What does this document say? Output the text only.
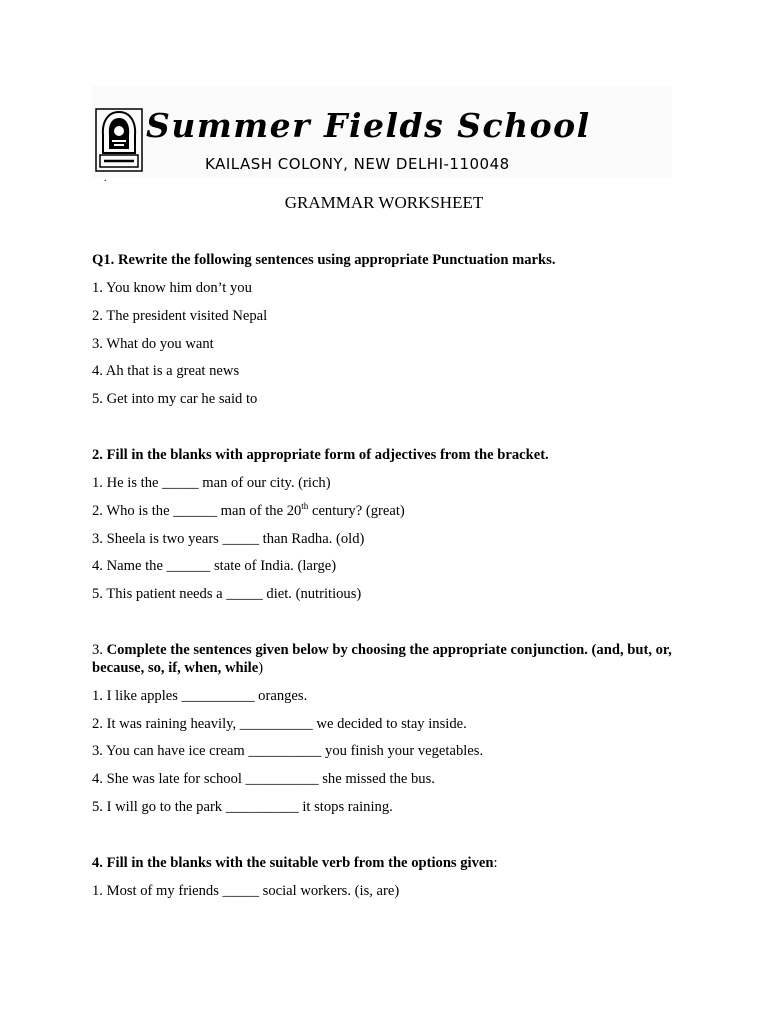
Summer Fields School
KAILASH COLONY, NEW DELHI-110048
.
GRAMMAR WORKSHEET
Q1. Rewrite the following sentences using appropriate Punctuation marks.
1. You know him don’t you
2. The president visited Nepal
3. What do you want
4. Ah that is a great news
5. Get into my car he said to
2. Fill in the blanks with appropriate form of adjectives from the bracket.
1. He is the _____ man of our city. (rich)
2. Who is the ______ man of the 20th century? (great)
3. Sheela is two years _____ than Radha. (old)
4. Name the ______ state of India. (large)
5. This patient needs a _____ diet. (nutritious)
3. Complete the sentences given below by choosing the appropriate conjunction. (and, but, or, because, so, if, when, while)
1. I like apples __________ oranges.
2. It was raining heavily, __________ we decided to stay inside.
3. You can have ice cream __________ you finish your vegetables.
4. She was late for school __________ she missed the bus.
5. I will go to the park __________ it stops raining.
4. Fill in the blanks with the suitable verb from the options given:
1. Most of my friends _____ social workers. (is, are)
